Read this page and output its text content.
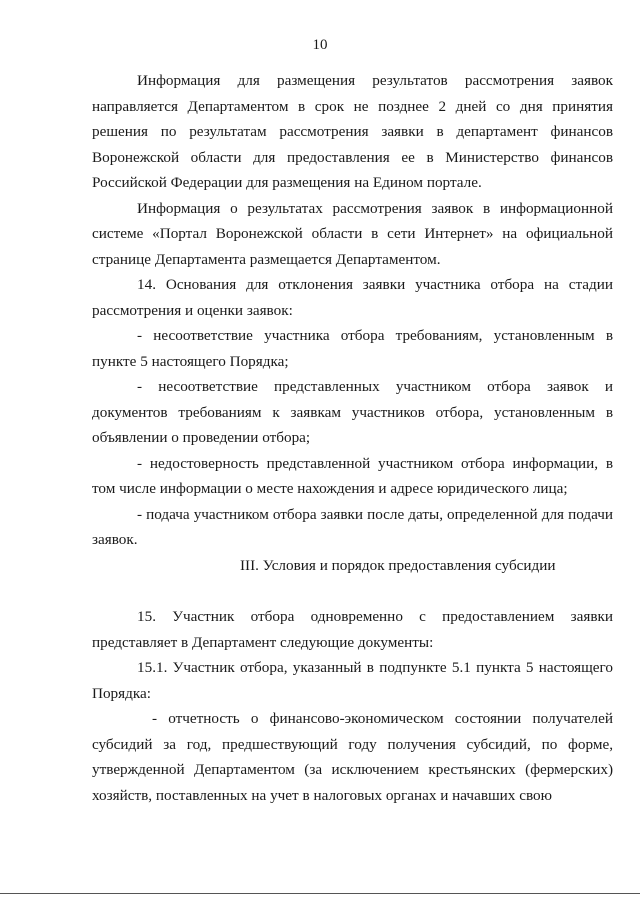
10

Информация для размещения результатов рассмотрения заявок направляется Департаментом в срок не позднее 2 дней со дня принятия решения по результатам рассмотрения заявки в департамент финансов Воронежской области для предоставления ее в Министерство финансов Российской Федерации для размещения на Едином портале.

Информация о результатах рассмотрения заявок в информационной системе «Портал Воронежской области в сети Интернет» на официальной странице Департамента размещается Департаментом.

14. Основания для отклонения заявки участника отбора на стадии рассмотрения и оценки заявок:

- несоответствие участника отбора требованиям, установленным в пункте 5 настоящего Порядка;

- несоответствие представленных участником отбора заявок и документов требованиям к заявкам участников отбора, установленным в объявлении о проведении отбора;

- недостоверность представленной участником отбора информации, в том числе информации о месте нахождения и адресе юридического лица;

- подача участником отбора заявки после даты, определенной для подачи заявок.

III. Условия и порядок предоставления субсидии

15. Участник отбора одновременно с предоставлением заявки представляет в Департамент следующие документы:

15.1. Участник отбора, указанный в подпункте 5.1 пункта 5 настоящего Порядка:

- отчетность о финансово-экономическом состоянии получателей субсидий за год, предшествующий году получения субсидий, по форме, утвержденной Департаментом (за исключением крестьянских (фермерских) хозяйств, поставленных на учет в налоговых органах и начавших свою
